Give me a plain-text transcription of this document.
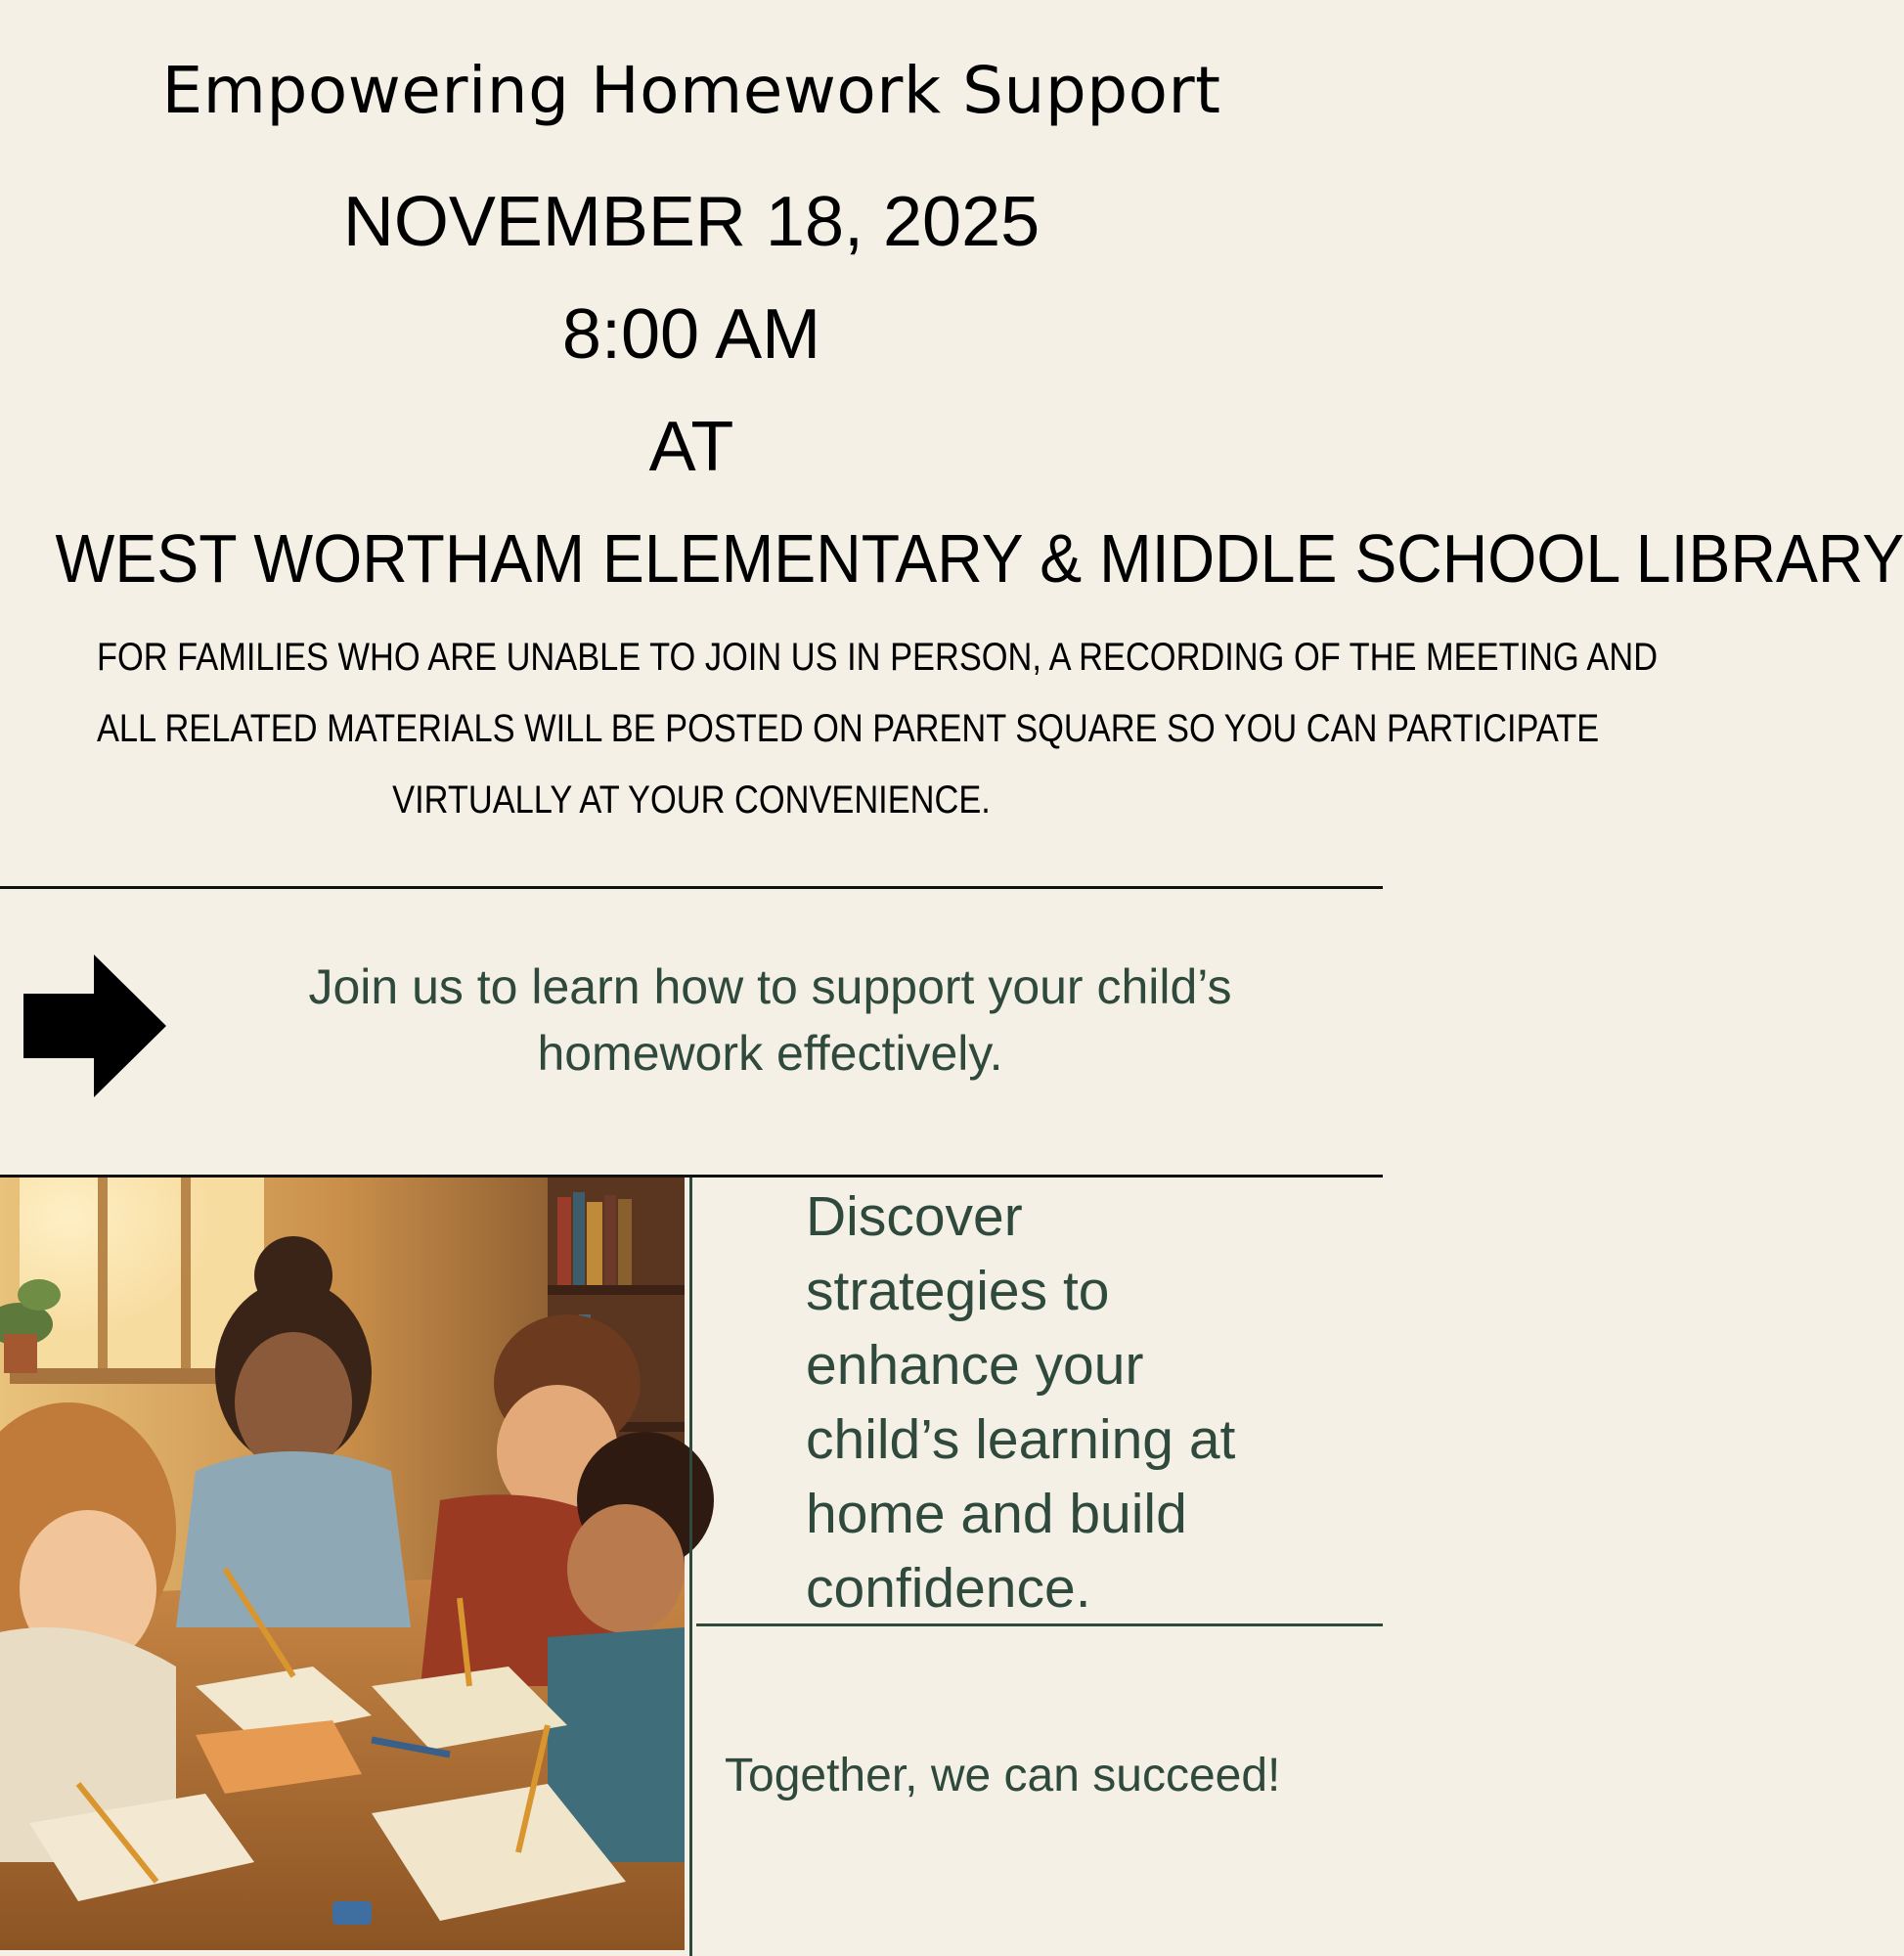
Empowering Homework Support
NOVEMBER 18, 2025
8:00 AM
AT
WEST WORTHAM ELEMENTARY & MIDDLE SCHOOL LIBRARY
FOR FAMILIES WHO ARE UNABLE TO JOIN US IN PERSON, A RECORDING OF THE MEETING AND
ALL RELATED MATERIALS WILL BE POSTED ON PARENT SQUARE SO YOU CAN PARTICIPATE
VIRTUALLY AT YOUR CONVENIENCE.
Join us to learn how to support your child’s
homework effectively.
Discover
strategies to
enhance your
child’s learning at
home and build
confidence.
Together, we can succeed!
